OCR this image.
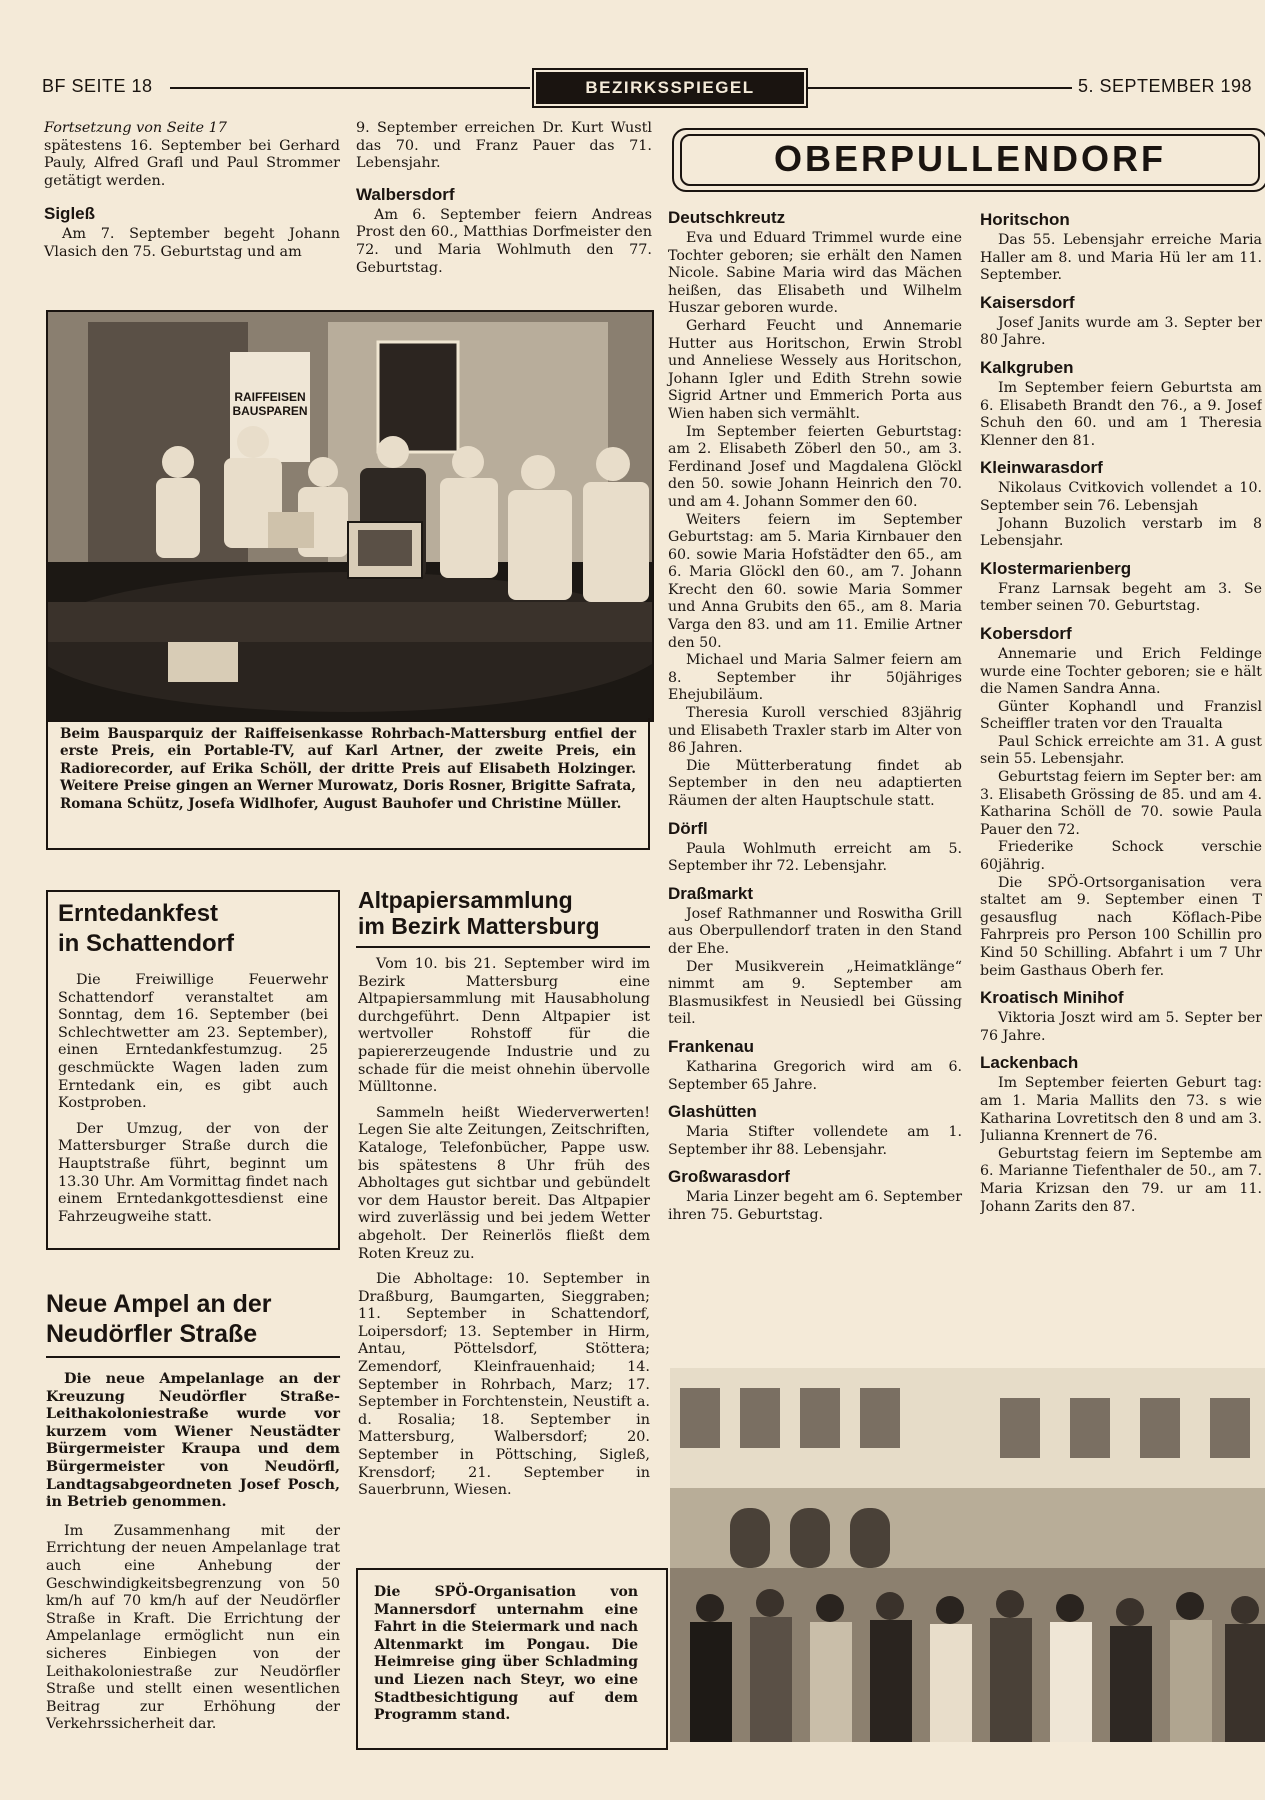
BF SEITE 18	BEZIRKSSPIEGEL	5. SEPTEMBER 198

Fortsetzung von Seite 17

spätestens 16. September bei Gerhard Pauly, Alfred Grafl und Paul Strommer getätigt werden.

Sigleß

Am 7. September begeht Johann Vlasich den 75. Geburtstag und am

9. September erreichen Dr. Kurt Wustl das 70. und Franz Pauer das 71. Lebensjahr.

Walbersdorf

Am 6. September feiern Andreas Prost den 60., Matthias Dorfmeister den 72. und Maria Wohlmuth den 77. Geburtstag.

RAIFFEISEN BAUSPAREN
Beim Bausparquiz der Raiffeisenkasse Rohrbach-Mattersburg entfiel der erste Preis, ein Portable-TV, auf Karl Artner, der zweite Preis, ein Radiorecorder, auf Erika Schöll, der dritte Preis auf Elisabeth Holzinger. Weitere Preise gingen an Werner Murowatz, Doris Rosner, Brigitte Safrata, Romana Schütz, Josefa Widlhofer, August Bauhofer und Christine Müller.
Erntedankfest
in Schattendorf

Die Freiwillige Feuerwehr Schattendorf veranstaltet am Sonntag, dem 16. September (bei Schlechtwetter am 23. September), einen Erntedankfestumzug. 25 geschmückte Wagen laden zum Erntedank ein, es gibt auch Kostproben.

Der Umzug, der von der Mattersburger Straße durch die Hauptstraße führt, beginnt um 13.30 Uhr. Am Vormittag findet nach einem Erntedankgottesdienst eine Fahrzeugweihe statt.

Neue Ampel an der
Neudörfler Straße

Die neue Ampelanlage an der Kreuzung Neudörfler Straße-Leithakoloniestraße wurde vor kurzem vom Wiener Neustädter Bürgermeister Kraupa und dem Bürgermeister von Neudörfl, Landtagsabgeordneten Josef Posch, in Betrieb genommen.

Im Zusammenhang mit der Errichtung der neuen Ampelanlage trat auch eine Anhebung der Geschwindigkeitsbegrenzung von 50 km/h auf 70 km/h auf der Neudörfler Straße in Kraft. Die Errichtung der Ampelanlage ermöglicht nun ein sicheres Einbiegen von der Leithakoloniestraße zur Neudörfler Straße und stellt einen wesentlichen Beitrag zur Erhöhung der Verkehrssicherheit dar.

Altpapiersammlung
im Bezirk Mattersburg

Vom 10. bis 21. September wird im Bezirk Mattersburg eine Altpapiersammlung mit Hausabholung durchgeführt. Denn Altpapier ist wertvoller Rohstoff für die papiererzeugende Industrie und zu schade für die meist ohnehin übervolle Mülltonne.

Sammeln heißt Wiederverwerten! Legen Sie alte Zeitungen, Zeitschriften, Kataloge, Telefonbücher, Pappe usw. bis spätestens 8 Uhr früh des Abholtages gut sichtbar und gebündelt vor dem Haustor bereit. Das Altpapier wird zuverlässig und bei jedem Wetter abgeholt. Der Reinerlös fließt dem Roten Kreuz zu.

Die Abholtage: 10. September in Draßburg, Baumgarten, Sieggraben; 11. September in Schattendorf, Loipersdorf; 13. September in Hirm, Antau, Pöttelsdorf, Stöttera; Zemendorf, Kleinfrauenhaid; 14. September in Rohrbach, Marz; 17. September in Forchtenstein, Neustift a. d. Rosalia; 18. September in Mattersburg, Walbersdorf; 20. September in Pöttsching, Sigleß, Krensdorf; 21. September in Sauerbrunn, Wiesen.

Die SPÖ-Organisation von Mannersdorf unternahm eine Fahrt in die Steiermark und nach Altenmarkt im Pongau. Die Heimreise ging über Schladming und Liezen nach Steyr, wo eine Stadtbesichtigung auf dem Programm stand.
OBERPULLENDORF
Deutschkreutz

Eva und Eduard Trimmel wurde eine Tochter geboren; sie erhält den Namen Nicole. Sabine Maria wird das Mächen heißen, das Elisabeth und Wilhelm Huszar geboren wurde.

Gerhard Feucht und Annemarie Hutter aus Horitschon, Erwin Strobl und Anneliese Wessely aus Horitschon, Johann Igler und Edith Strehn sowie Sigrid Artner und Emmerich Porta aus Wien haben sich vermählt.

Im September feierten Geburtstag: am 2. Elisabeth Zöberl den 50., am 3. Ferdinand Josef und Magdalena Glöckl den 50. sowie Johann Heinrich den 70. und am 4. Johann Sommer den 60.

Weiters feiern im September Geburtstag: am 5. Maria Kirnbauer den 60. sowie Maria Hofstädter den 65., am 6. Maria Glöckl den 60., am 7. Johann Krecht den 60. sowie Maria Sommer und Anna Grubits den 65., am 8. Maria Varga den 83. und am 11. Emilie Artner den 50.

Michael und Maria Salmer feiern am 8. September ihr 50jähriges Ehejubiläum.

Theresia Kuroll verschied 83jährig und Elisabeth Traxler starb im Alter von 86 Jahren.

Die Mütterberatung findet ab September in den neu adaptierten Räumen der alten Hauptschule statt.

Dörfl

Paula Wohlmuth erreicht am 5. September ihr 72. Lebensjahr.

Draßmarkt

Josef Rathmanner und Roswitha Grill aus Oberpullendorf traten in den Stand der Ehe.

Der Musikverein „Heimatklänge“ nimmt am 9. September am Blasmusikfest in Neusiedl bei Güssing teil.

Frankenau

Katharina Gregorich wird am 6. September 65 Jahre.

Glashütten

Maria Stifter vollendete am 1. September ihr 88. Lebensjahr.

Großwarasdorf

Maria Linzer begeht am 6. September ihren 75. Geburtstag.

Horitschon

Das 55. Lebensjahr erreiche Maria Haller am 8. und Maria Hü ler am 11. September.

Kaisersdorf

Josef Janits wurde am 3. Septer ber 80 Jahre.

Kalkgruben

Im September feiern Geburtsta am 6. Elisabeth Brandt den 76., a 9. Josef Schuh den 60. und am 1 Theresia Klenner den 81.

Kleinwarasdorf

Nikolaus Cvitkovich vollendet a 10. September sein 76. Lebensjah

Johann Buzolich verstarb im 8 Lebensjahr.

Klostermarienberg

Franz Larnsak begeht am 3. Se tember seinen 70. Geburtstag.

Kobersdorf

Annemarie und Erich Feldinge wurde eine Tochter geboren; sie e hält die Namen Sandra Anna.

Günter Kophandl und Franzisl Scheiffler traten vor den Traualta

Paul Schick erreichte am 31. A gust sein 55. Lebensjahr.

Geburtstag feiern im Septer ber: am 3. Elisabeth Grössing de 85. und am 4. Katharina Schöll de 70. sowie Paula Pauer den 72.

Friederike Schock verschie 60jährig.

Die SPÖ-Ortsorganisation vera staltet am 9. September einen T gesausflug nach Köflach-Pibe Fahrpreis pro Person 100 Schillin pro Kind 50 Schilling. Abfahrt i um 7 Uhr beim Gasthaus Oberh fer.

Kroatisch Minihof

Viktoria Joszt wird am 5. Septer ber 76 Jahre.

Lackenbach

Im September feierten Geburt tag: am 1. Maria Mallits den 73. s wie Katharina Lovretitsch den 8 und am 3. Julianna Krennert de 76.

Geburtstag feiern im Septembe am 6. Marianne Tiefenthaler de 50., am 7. Maria Krizsan den 79. ur am 11. Johann Zarits den 87.
